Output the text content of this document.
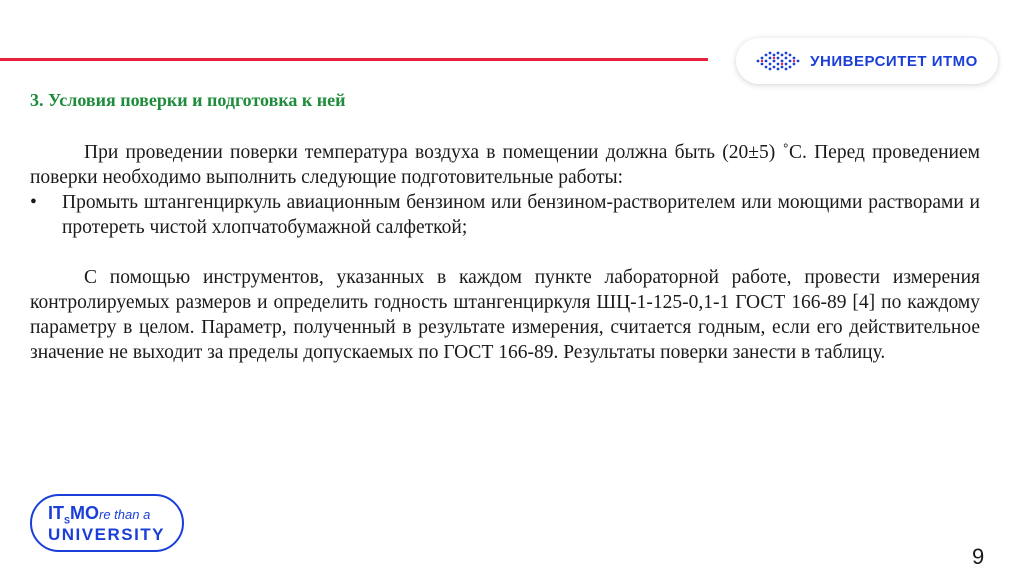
УНИВЕРСИТЕТ ИТМО
3. Условия поверки и подготовка к ней

При проведении поверки температура воздуха в помещении должна быть (20±5) ˚С. Перед проведением поверки необходимо выполнить следующие подготовительные работы:

•	Промыть штангенциркуль авиационным бензином или бензином-растворителем или моющими растворами и протереть чистой хлопчатобумажной салфеткой;

С помощью инструментов, указанных в каждом пункте лабораторной работе, провести измерения контролируемых размеров и определить годность штангенциркуля ШЦ-1-125-0,1-1 ГОСТ 166-89 [4] по каждому параметру в целом. Параметр, полученный в результате измерения, считается годным, если его действительное значение не выходит за пределы допускаемых по ГОСТ 166-89. Результаты поверки занести в таблицу.

$IT_SMOre$ than a
UNIVERSITY
9
